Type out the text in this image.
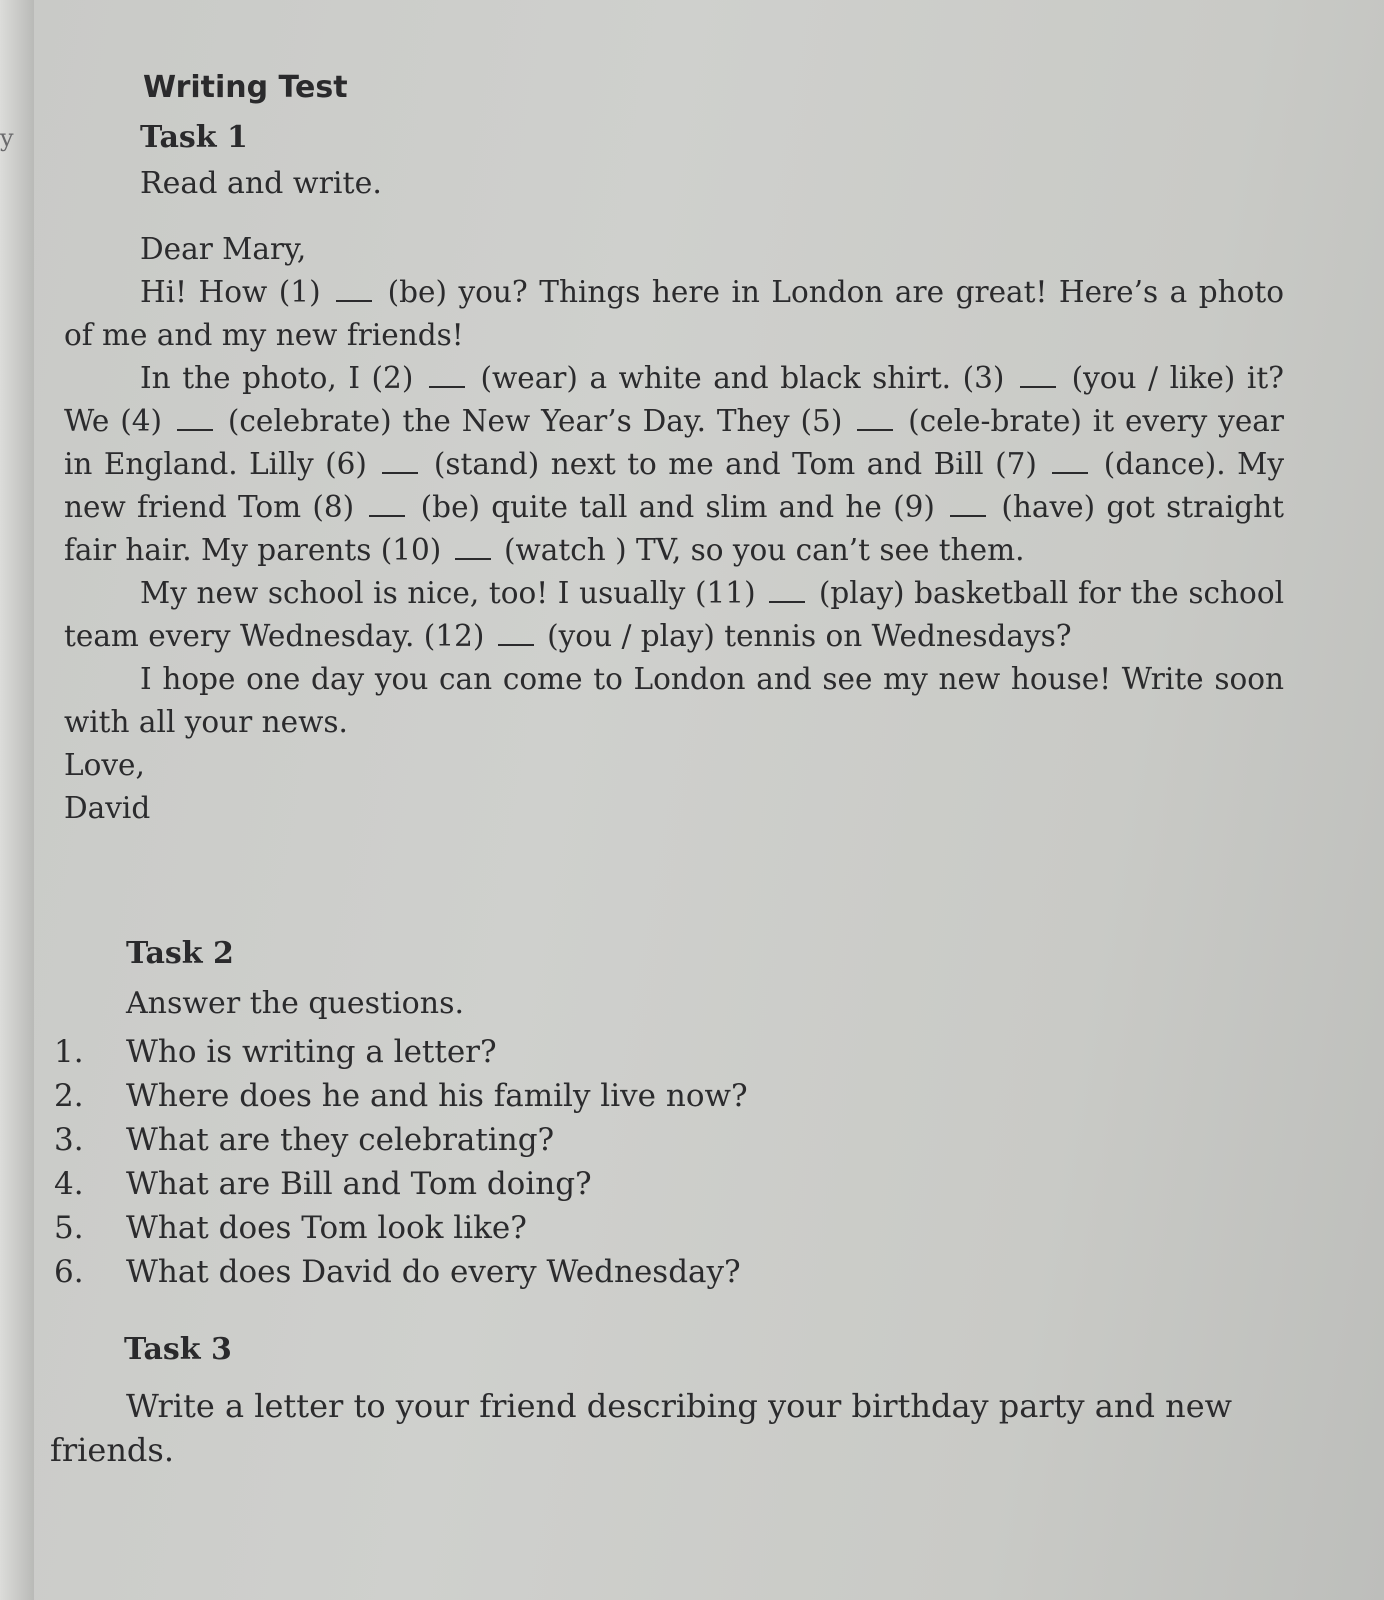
y
Writing Test
Task 1

Read and write.

Dear Mary,

Hi! How (1)  (be) you? Things here in London are great! Here’s a photo of me and my new friends!

In the photo, I (2)  (wear) a white and black shirt. (3)  (you / like) it? We (4)  (celebrate) the New Year’s Day. They (5)  (cele-brate) it every year in England. Lilly (6)  (stand) next to me and Tom and Bill (7)  (dance). My new friend Tom (8)  (be) quite tall and slim and he (9)  (have) got straight fair hair. My parents (10)  (watch ) TV, so you can’t see them.

My new school is nice, too! I usually (11)  (play) basketball for the school team every Wednesday. (12)  (you / play) tennis on Wednesdays?

I hope one day you can come to London and see my new house! Write soon with all your news.

Love,

David

Task 2

Answer the questions.

1.	Who is writing a letter?
2.	Where does he and his family live now?
3.	What are they celebrating?
4.	What are Bill and Tom doing?
5.	What does Tom look like?
6.	What does David do every Wednesday?
Task 3

Write a letter to your friend describing your birthday party and new friends.
